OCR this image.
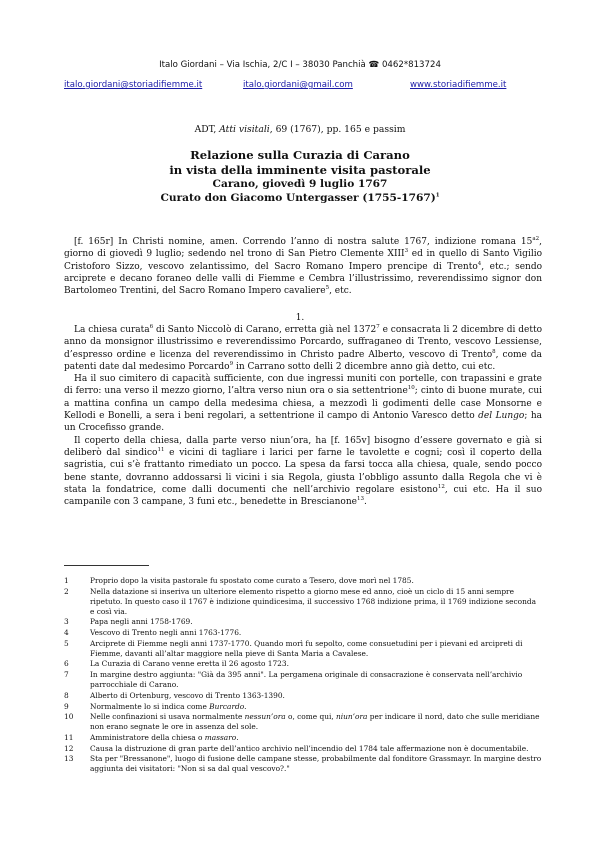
Italo Giordani – Via Ischia, 2/C I – 38030 Panchià ☎ 0462*813724
italo.giordani@storiadifiemme.it	italo.giordani@gmail.com	www.storiadifiemme.it
ADT, Atti visitali, 69 (1767), pp. 165 e passim
Relazione sulla Curazia di Carano
in vista della imminente visita pastorale
Carano, giovedì 9 luglio 1767
Curato don Giacomo Untergasser (1755-1767)$^1$

[f. 165r] In Christi nomine, amen. Correndo l’anno di nostra salute 1767, indizione romana $15^{a2}$, giorno di giovedì 9 luglio; sedendo nel trono di San Pietro Clemente XIII$^3$ ed in quello di Santo Vigilio Cristoforo Sizzo, vescovo zelantissimo, del Sacro Romano Impero prencipe di Trento$^4$, etc.; sendo arciprete e decano foraneo delle valli di Fiemme e Cembra l’illustrissimo, reverendissimo signor don Bartolomeo Trentini, del Sacro Romano Impero cavaliere$^5$, etc.

1.

La chiesa curata$^6$ di Santo Niccolò di Carano, erretta già nel 1372$^7$ e consacrata li 2 dicembre di detto anno da monsignor illustrissimo e reverendissimo Porcardo, suffraganeo di Trento, vescovo Lessiense, d’espresso ordine e licenza del reverendissimo in Christo padre Alberto, vescovo di Trento$^8$, come da patenti date dal medesimo Porcardo$^9$ in Carrano sotto delli 2 dicembre anno già detto, cui etc.

Ha il suo cimitero di capacità sufficiente, con due ingressi muniti con portelle, con trapassini e grate di ferro: una verso il mezzo giorno, l’altra verso niun ora o sia settentrione$^{10}$; cinto di buone murate, cui a mattina confina un campo della medesima chiesa, a mezzodì li godimenti delle case Monsorne e Kellodi e Bonelli, a sera i beni regolari, a settentrione il campo di Antonio Varesco detto del Lungo; ha un Crocefisso grande.

Il coperto della chiesa, dalla parte verso niun’ora, ha [f. 165v] bisogno d’essere governato e già si deliberò dal sindico$^{11}$ e vicini di tagliare i larici per farne le tavolette e cogni; così il coperto della sagristia, cui s’è frattanto rimediato un pocco. La spesa da farsi tocca alla chiesa, quale, sendo pocco bene stante, dovranno addossarsi li vicini i sia Regola, giusta l’obbligo assunto dalla Regola che vi è stata la fondatrice, come dalli documenti che nell’archivio regolare esistono$^{12}$, cui etc. Ha il suo campanile con 3 campane, 3 funi etc., benedette in Brescianone$^{13}$.

1	Proprio dopo la visita pastorale fu spostato come curato a Tesero, dove morì nel 1785.
2	Nella datazione si inseriva un ulteriore elemento rispetto a giorno mese ed anno, cioè un ciclo di 15 anni sempre ripetuto. In questo caso il 1767 è indizione quindicesima, il successivo 1768 indizione prima, il 1769 indizione seconda e così via.
3	Papa negli anni 1758-1769.
4	Vescovo di Trento negli anni 1763-1776.
5	Arciprete di Fiemme negli anni 1737-1770. Quando morì fu sepolto, come consuetudini per i pievani ed arcipreti di Fiemme, davanti all’altar maggiore nella pieve di Santa Maria a Cavalese.
6	La Curazia di Carano venne eretta il 26 agosto 1723.
7	In margine destro aggiunta: "Già da 395 anni". La pergamena originale di consacrazione è conservata nell’archivio parrocchiale di Carano.
8	Alberto di Ortenburg, vescovo di Trento 1363-1390.
9	Normalmente lo si indica come Burcardo.
10 Nelle confinazioni si usava normalmente nessun’ora o, come qui, niun’ora per indicare il nord, dato che sulle meridiane non erano segnate le ore in assenza del sole.
11 Amministratore della chiesa o massaro.
12 Causa la distruzione di gran parte dell’antico archivio nell’incendio del 1784 tale affermazione non è documentabile.
13 Sta per "Bressanone", luogo di fusione delle campane stesse, probabilmente dal fonditore Grassmayr. In margine destro aggiunta dei visitatori: "Non si sa dal qual vescovo?."
